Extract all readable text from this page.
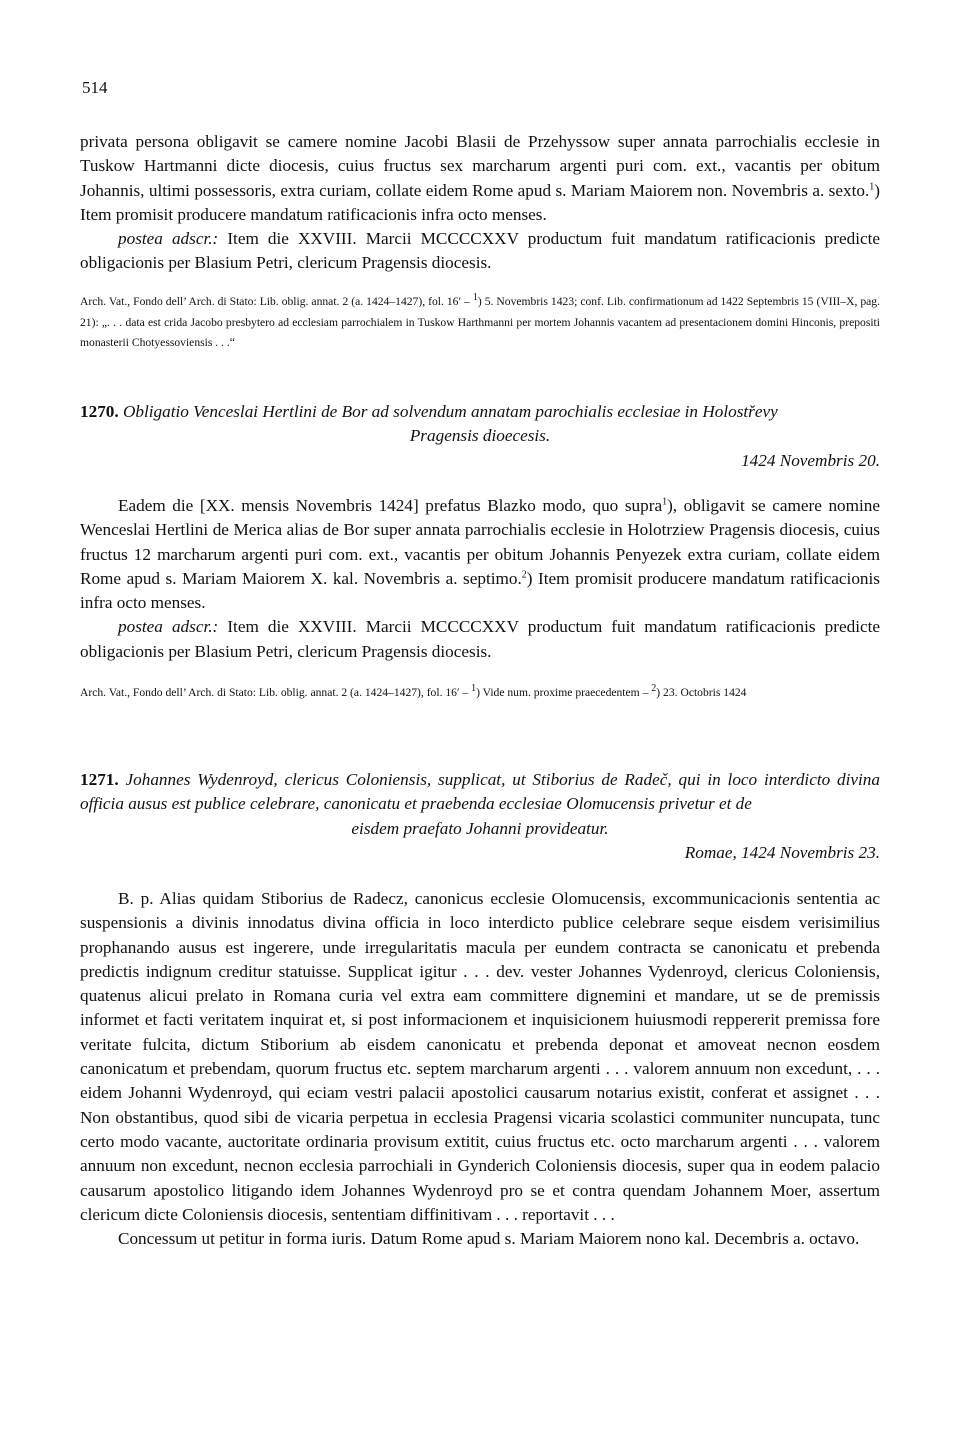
514

privata persona obligavit se camere nomine Jacobi Blasii de Przehyssow super annata parrochialis ecclesie in Tuskow Hartmanni dicte diocesis, cuius fructus sex marcharum argenti puri com. ext., vacantis per obitum Johannis, ultimi possessoris, extra curiam, collate eidem Rome apud s. Mariam Maiorem non. Novembris a. sexto.$^1$) Item promisit producere mandatum ratificacionis infra octo menses.

postea adscr.: Item die XXVIII. Marcii MCCCCXXV productum fuit mandatum ratificacionis predicte obligacionis per Blasium Petri, clericum Pragensis diocesis.

Arch. Vat., Fondo dell’ Arch. di Stato: Lib. oblig. annat. 2 (a. 1424–1427), fol. 16′ – $^1$) 5. Novembris 1423; conf. Lib. confirmationum ad 1422 Septembris 15 (VIII–X, pag. 21): „. . . data est crida Jacobo presbytero ad ecclesiam parrochialem in Tuskow Harthmanni per mortem Johannis vacantem ad presentacionem domini Hinconis, prepositi monasterii Chotyessoviensis . . .“

1270. Obligatio Venceslai Hertlini de Bor ad solvendum annatam parochialis ecclesiae in Holostřevy

Pragensis dioecesis.

1424 Novembris 20.

Eadem die [XX. mensis Novembris 1424] prefatus Blazko modo, quo supra$^1$), obligavit se camere nomine Wenceslai Hertlini de Merica alias de Bor super annata parrochialis ecclesie in Holotrziew Pragensis diocesis, cuius fructus 12 marcharum argenti puri com. ext., vacantis per obitum Johannis Penyezek extra curiam, collate eidem Rome apud s. Mariam Maiorem X. kal. Novembris a. septimo.$^2$) Item promisit producere mandatum ratificacionis infra octo menses.

postea adscr.: Item die XXVIII. Marcii MCCCCXXV productum fuit mandatum ratificacionis predicte obligacionis per Blasium Petri, clericum Pragensis diocesis.

Arch. Vat., Fondo dell’ Arch. di Stato: Lib. oblig. annat. 2 (a. 1424–1427), fol. 16′ – $^1$) Vide num. proxime praecedentem – $^2$) 23. Octobris 1424

1271. Johannes Wydenroyd, clericus Coloniensis, supplicat, ut Stiborius de Radeč, qui in loco interdicto divina officia ausus est publice celebrare, canonicatu et praebenda ecclesiae Olomucensis privetur et de

eisdem praefato Johanni provideatur.

Romae, 1424 Novembris 23.

B. p. Alias quidam Stiborius de Radecz, canonicus ecclesie Olomucensis, excommunicacionis sententia ac suspensionis a divinis innodatus divina officia in loco interdicto publice celebrare seque eisdem verisimilius prophanando ausus est ingerere, unde irregularitatis macula per eundem contracta se canonicatu et prebenda predictis indignum creditur statuisse. Supplicat igitur . . . dev. vester Johannes Vydenroyd, clericus Coloniensis, quatenus alicui prelato in Romana curia vel extra eam committere dignemini et mandare, ut se de premissis informet et facti veritatem inquirat et, si post informacionem et inquisicionem huiusmodi reppererit premissa fore veritate fulcita, dictum Stiborium ab eisdem canonicatu et prebenda deponat et amoveat necnon eosdem canonicatum et prebendam, quorum fructus etc. septem marcharum argenti . . . valorem annuum non excedunt, . . . eidem Johanni Wydenroyd, qui eciam vestri palacii apostolici causarum notarius existit, conferat et assignet . . . Non obstantibus, quod sibi de vicaria perpetua in ecclesia Pragensi vicaria scolastici communiter nuncupata, tunc certo modo vacante, auctoritate ordinaria provisum extitit, cuius fructus etc. octo marcharum argenti . . . valorem annuum non excedunt, necnon ecclesia parrochiali in Gynderich Coloniensis diocesis, super qua in eodem palacio causarum apostolico litigando idem Johannes Wydenroyd pro se et contra quendam Johannem Moer, assertum clericum dicte Coloniensis diocesis, sententiam diffinitivam . . . reportavit . . .

Concessum ut petitur in forma iuris. Datum Rome apud s. Mariam Maiorem nono kal. Decembris a. octavo.
